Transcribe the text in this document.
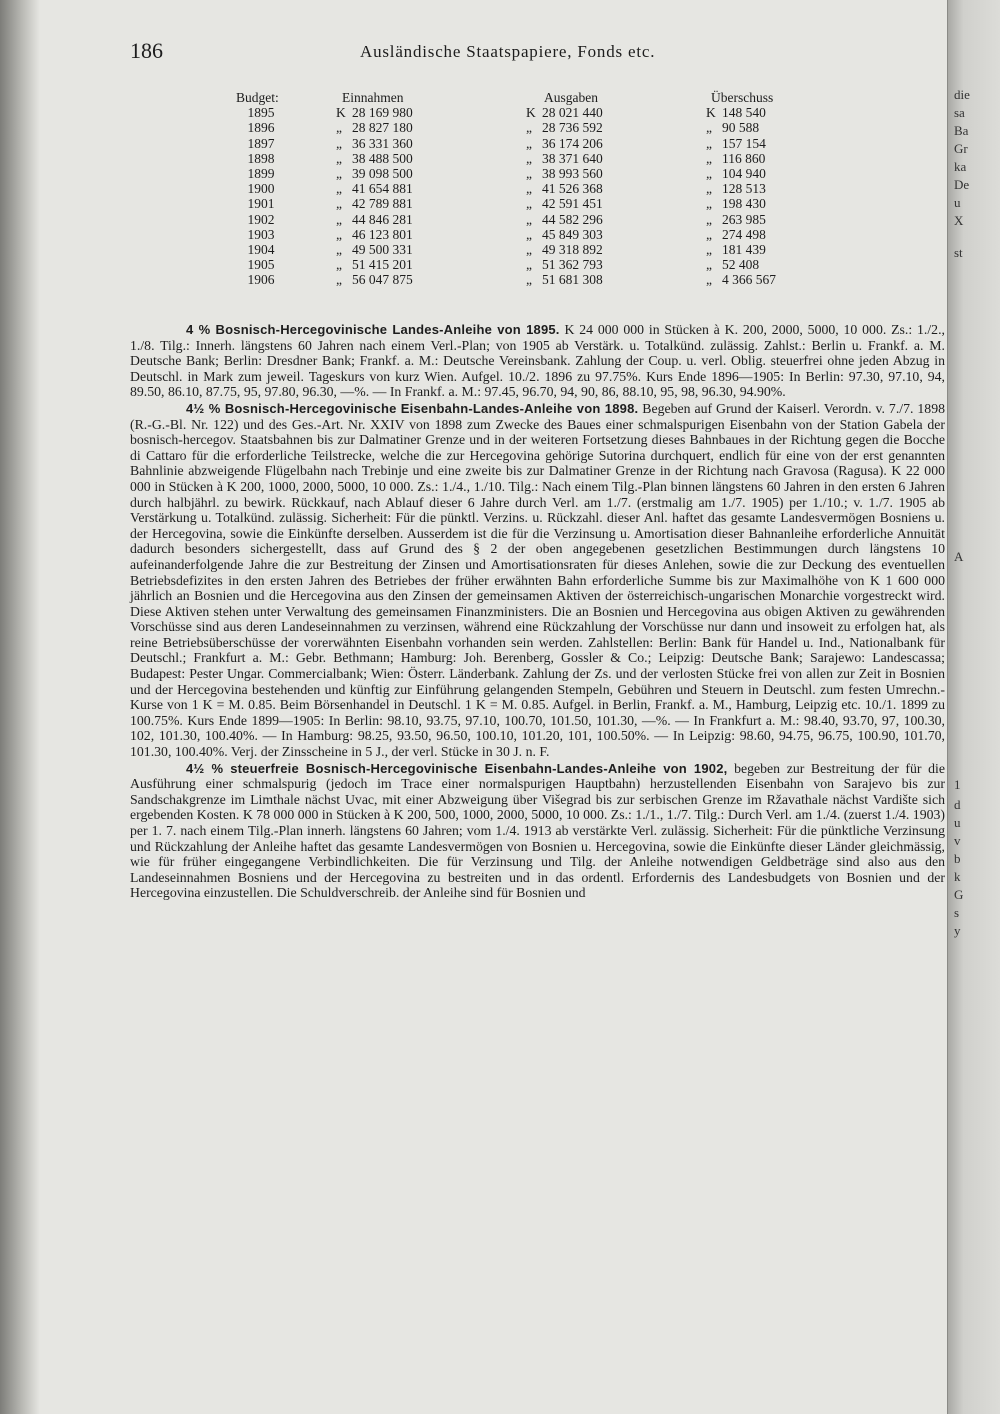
186	Ausländische Staatspapiere, Fonds etc.
Budget:	Einnahmen	Ausgaben	Überschuss
1895	K 28 169 980	K 28 021 440	K 148 540
1896	„ 28 827 180	„ 28 736 592	„ 90 588
1897	„ 36 331 360	„ 36 174 206	„ 157 154
1898	„ 38 488 500	„ 38 371 640	„ 116 860
1899	„ 39 098 500	„ 38 993 560	„ 104 940
1900	„ 41 654 881	„ 41 526 368	„ 128 513
1901	„ 42 789 881	„ 42 591 451	„ 198 430
1902	„ 44 846 281	„ 44 582 296	„ 263 985
1903	„ 46 123 801	„ 45 849 303	„ 274 498
1904	„ 49 500 331	„ 49 318 892	„ 181 439
1905	„ 51 415 201	„ 51 362 793	„ 52 408
1906	„ 56 047 875	„ 51 681 308	„ 4 366 567

4 % Bosnisch-Hercegovinische Landes-Anleihe von 1895. K 24 000 000 in Stücken à K. 200, 2000, 5000, 10 000. Zs.: 1./2., 1./8. Tilg.: Innerh. längstens 60 Jahren nach einem Verl.-Plan; von 1905 ab Verstärk. u. Totalkünd. zulässig. Zahlst.: Berlin u. Frankf. a. M. Deutsche Bank; Berlin: Dresdner Bank; Frankf. a. M.: Deutsche Vereinsbank. Zahlung der Coup. u. verl. Oblig. steuerfrei ohne jeden Abzug in Deutschl. in Mark zum jeweil. Tageskurs von kurz Wien. Aufgel. 10./2. 1896 zu 97.75%. Kurs Ende 1896—1905: In Berlin: 97.30, 97.10, 94, 89.50, 86.10, 87.75, 95, 97.80, 96.30, —%. — In Frankf. a. M.: 97.45, 96.70, 94, 90, 86, 88.10, 95, 98, 96.30, 94.90%.

4½ % Bosnisch-Hercegovinische Eisenbahn-Landes-Anleihe von 1898. Begeben auf Grund der Kaiserl. Verordn. v. 7./7. 1898 (R.-G.-Bl. Nr. 122) und des Ges.-Art. Nr. XXIV von 1898 zum Zwecke des Baues einer schmalspurigen Eisenbahn von der Station Gabela der bosnisch-hercegov. Staatsbahnen bis zur Dalmatiner Grenze und in der weiteren Fortsetzung dieses Bahnbaues in der Richtung gegen die Bocche di Cattaro für die erforderliche Teilstrecke, welche die zur Hercegovina gehörige Sutorina durchquert, endlich für eine von der erst genannten Bahnlinie abzweigende Flügelbahn nach Trebinje und eine zweite bis zur Dalmatiner Grenze in der Richtung nach Gravosa (Ragusa). K 22 000 000 in Stücken à K 200, 1000, 2000, 5000, 10 000. Zs.: 1./4., 1./10. Tilg.: Nach einem Tilg.-Plan binnen längstens 60 Jahren in den ersten 6 Jahren durch halbjährl. zu bewirk. Rückkauf, nach Ablauf dieser 6 Jahre durch Verl. am 1./7. (erstmalig am 1./7. 1905) per 1./10.; v. 1./7. 1905 ab Verstärkung u. Totalkünd. zulässig. Sicherheit: Für die pünktl. Verzins. u. Rückzahl. dieser Anl. haftet das gesamte Landesvermögen Bosniens u. der Hercegovina, sowie die Einkünfte derselben. Ausserdem ist die für die Verzinsung u. Amortisation dieser Bahnanleihe erforderliche Annuität dadurch besonders sichergestellt, dass auf Grund des § 2 der oben angegebenen gesetzlichen Bestimmungen durch längstens 10 aufeinanderfolgende Jahre die zur Bestreitung der Zinsen und Amortisationsraten für dieses Anlehen, sowie die zur Deckung des eventuellen Betriebsdefizites in den ersten Jahren des Betriebes der früher erwähnten Bahn erforderliche Summe bis zur Maximalhöhe von K 1 600 000 jährlich an Bosnien und die Hercegovina aus den Zinsen der gemeinsamen Aktiven der österreichisch-ungarischen Monarchie vorgestreckt wird. Diese Aktiven stehen unter Verwaltung des gemeinsamen Finanzministers. Die an Bosnien und Hercegovina aus obigen Aktiven zu gewährenden Vorschüsse sind aus deren Landeseinnahmen zu verzinsen, während eine Rückzahlung der Vorschüsse nur dann und insoweit zu erfolgen hat, als reine Betriebsüberschüsse der vorerwähnten Eisenbahn vorhanden sein werden. Zahlstellen: Berlin: Bank für Handel u. Ind., Nationalbank für Deutschl.; Frankfurt a. M.: Gebr. Bethmann; Hamburg: Joh. Berenberg, Gossler & Co.; Leipzig: Deutsche Bank; Sarajewo: Landescassa; Budapest: Pester Ungar. Commercialbank; Wien: Österr. Länderbank. Zahlung der Zs. und der verlosten Stücke frei von allen zur Zeit in Bosnien und der Hercegovina bestehenden und künftig zur Einführung gelangenden Stempeln, Gebühren und Steuern in Deutschl. zum festen Umrechn.-Kurse von 1 K = M. 0.85. Beim Börsenhandel in Deutschl. 1 K = M. 0.85. Aufgel. in Berlin, Frankf. a. M., Hamburg, Leipzig etc. 10./1. 1899 zu 100.75%. Kurs Ende 1899—1905: In Berlin: 98.10, 93.75, 97.10, 100.70, 101.50, 101.30, —%. — In Frankfurt a. M.: 98.40, 93.70, 97, 100.30, 102, 101.30, 100.40%. — In Hamburg: 98.25, 93.50, 96.50, 100.10, 101.20, 101, 100.50%. — In Leipzig: 98.60, 94.75, 96.75, 100.90, 101.70, 101.30, 100.40%. Verj. der Zinsscheine in 5 J., der verl. Stücke in 30 J. n. F.

4½ % steuerfreie Bosnisch-Hercegovinische Eisenbahn-Landes-Anleihe von 1902, begeben zur Bestreitung der für die Ausführung einer schmalspurig (jedoch im Trace einer normalspurigen Hauptbahn) herzustellenden Eisenbahn von Sarajevo bis zur Sandschakgrenze im Limthale nächst Uvac, mit einer Abzweigung über Višegrad bis zur serbischen Grenze im Ržavathale nächst Vardište sich ergebenden Kosten. K 78 000 000 in Stücken à K 200, 500, 1000, 2000, 5000, 10 000. Zs.: 1./1., 1./7. Tilg.: Durch Verl. am 1./4. (zuerst 1./4. 1903) per 1. 7. nach einem Tilg.-Plan innerh. längstens 60 Jahren; vom 1./4. 1913 ab verstärkte Verl. zulässig. Sicherheit: Für die pünktliche Verzinsung und Rückzahlung der Anleihe haftet das gesamte Landesvermögen von Bosnien u. Hercegovina, sowie die Einkünfte dieser Länder gleichmässig, wie für früher eingegangene Verbindlichkeiten. Die für Verzinsung und Tilg. der Anleihe notwendigen Geldbeträge sind also aus den Landeseinnahmen Bosniens und der Hercegovina zu bestreiten und in das ordentl. Erfordernis des Landesbudgets von Bosnien und der Hercegovina einzustellen. Die Schuldverschreib. der Anleihe sind für Bosnien und

die
sa
Ba
Gr
ka
De
u
X
st
A
1
d
u
v
b
k
G
s
y
